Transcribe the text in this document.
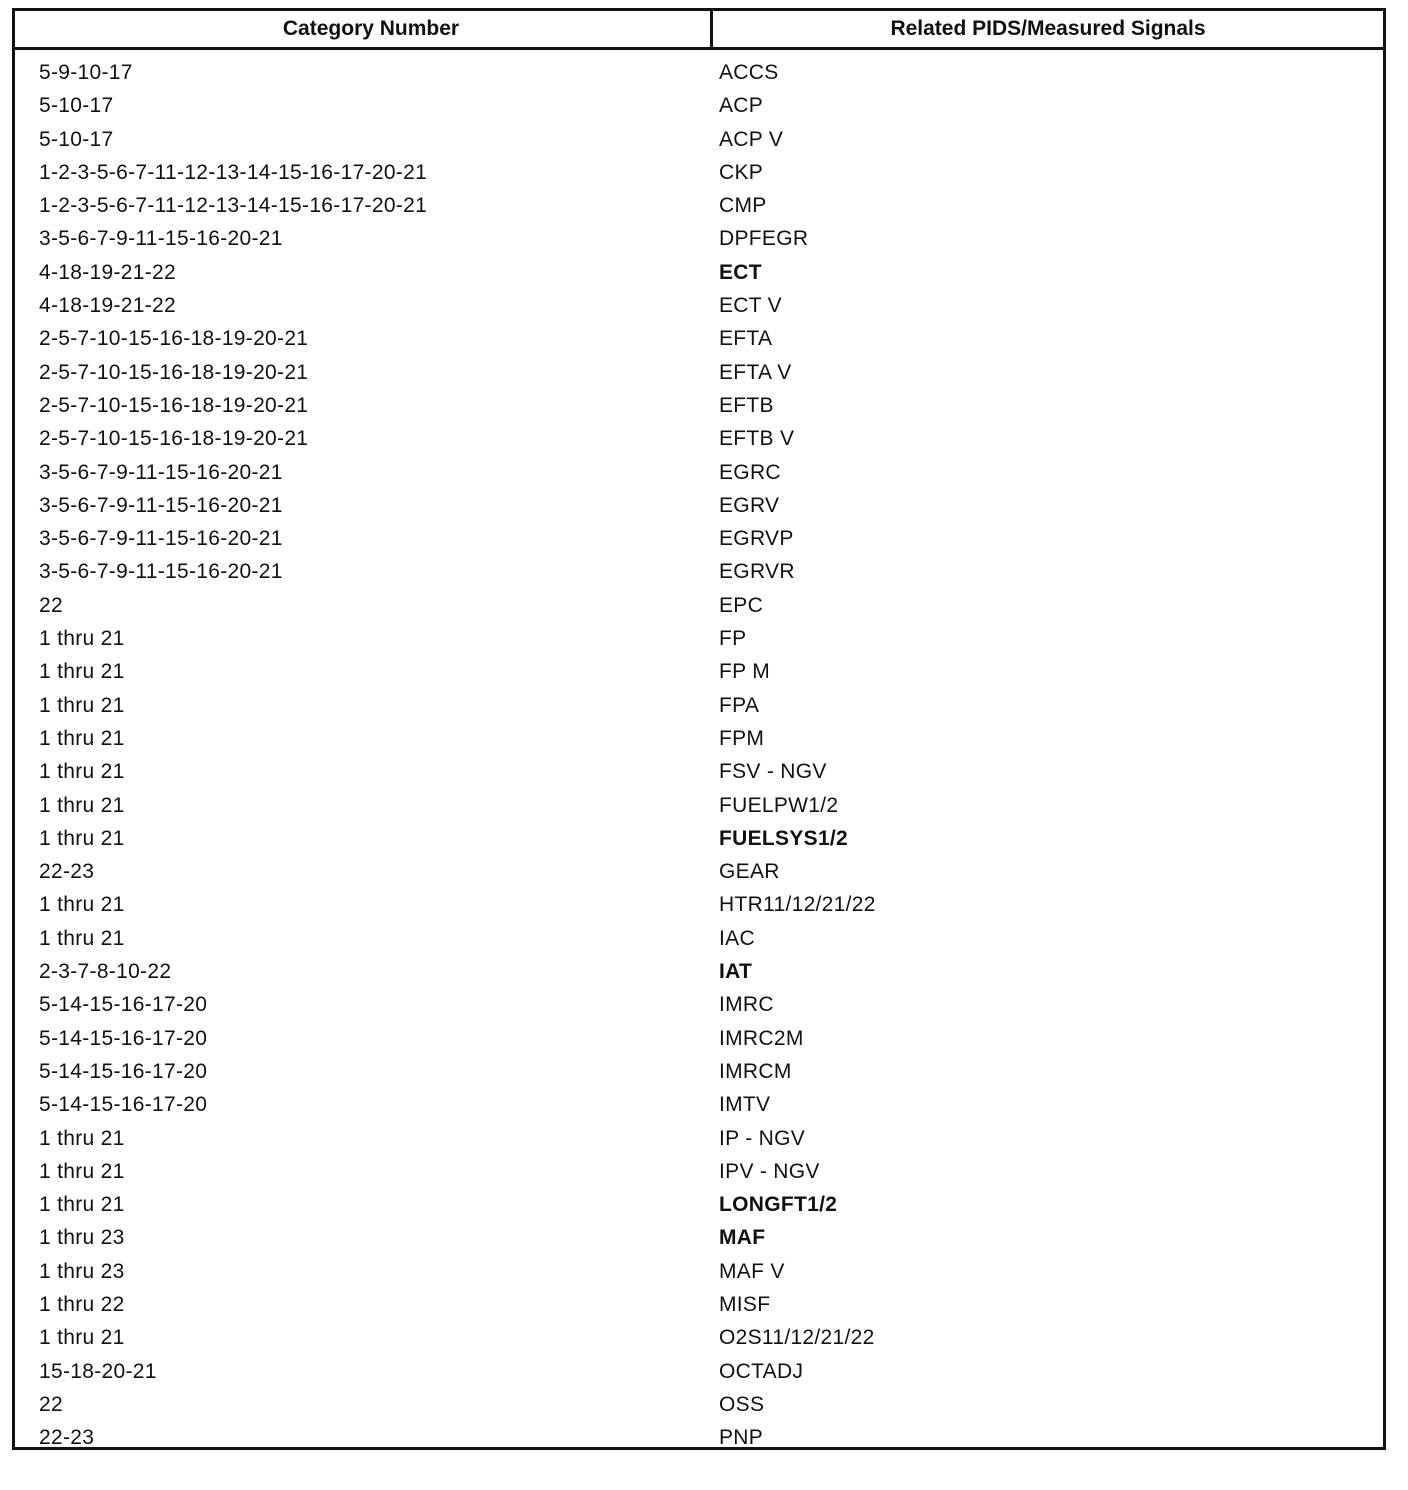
Category Number	Related PIDS/Measured Signals
5-9-10-17	ACCS
5-10-17	ACP
5-10-17	ACP V
1-2-3-5-6-7-11-12-13-14-15-16-17-20-21	CKP
1-2-3-5-6-7-11-12-13-14-15-16-17-20-21	CMP
3-5-6-7-9-11-15-16-20-21	DPFEGR
4-18-19-21-22	ECT
4-18-19-21-22	ECT V
2-5-7-10-15-16-18-19-20-21	EFTA
2-5-7-10-15-16-18-19-20-21	EFTA V
2-5-7-10-15-16-18-19-20-21	EFTB
2-5-7-10-15-16-18-19-20-21	EFTB V
3-5-6-7-9-11-15-16-20-21	EGRC
3-5-6-7-9-11-15-16-20-21	EGRV
3-5-6-7-9-11-15-16-20-21	EGRVP
3-5-6-7-9-11-15-16-20-21	EGRVR
22	EPC
1 thru 21	FP
1 thru 21	FP M
1 thru 21	FPA
1 thru 21	FPM
1 thru 21	FSV - NGV
1 thru 21	FUELPW1/2
1 thru 21	FUELSYS1/2
22-23	GEAR
1 thru 21	HTR11/12/21/22
1 thru 21	IAC
2-3-7-8-10-22	IAT
5-14-15-16-17-20	IMRC
5-14-15-16-17-20	IMRC2M
5-14-15-16-17-20	IMRCM
5-14-15-16-17-20	IMTV
1 thru 21	IP - NGV
1 thru 21	IPV - NGV
1 thru 21	LONGFT1/2
1 thru 23	MAF
1 thru 23	MAF V
1 thru 22	MISF
1 thru 21	O2S11/12/21/22
15-18-20-21	OCTADJ
22	OSS
22-23	PNP
